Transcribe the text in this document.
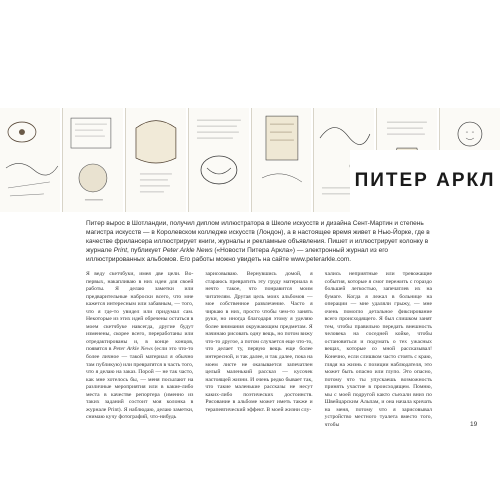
ПИТЕР АРКЛ

Питер вырос в Шотландии, получил диплом иллюстратора в Школе искусств и дизайна Сент-Мартин и степень магистра искусств — в Королевском колледже искусств (Лондон), а в настоящее время живет в Нью-Йорке, где в качестве фрилансера иллюстрирует книги, журналы и рекламные объявления. Пишет и иллюстрирует колонку в журнале Print, публикует Peter Arkle News («Новости Питера Аркла») — электронный журнал из его иллюстрированных альбомов. Его работы можно увидеть на сайте www.peterarkle.com.

Я веду скетчбуки, имея две цели. Во-первых, накапливаю в них идеи для своей работы. Я делаю заметки или предварительные наброски всего, что мне кажется интересным или забавным, — того, что я где-то увидел или придумал сам. Некоторые из этих идей обречены остаться в моем скетчбуке навсегда, другие будут изменены, скорее всего, переработаны или отредактированы и, в конце концов, появятся в Peter Arkle News (если это что-то более личное — такой материал я обычно там публикую) или превратятся в часть того, что я делаю на заказ. Порой — не так часто, как мне хотелось бы, — меня посылают на различные мероприятия или в какие-либо места в качестве репортера (именно из таких заданий состоит моя колонка в журнале Print). Я наблюдаю, делаю заметки, снимаю кучу фотографий, что-нибудь

зарисовываю. Вернувшись домой, я стараюсь превратить эту груду материала в нечто такое, что понравится моим читателям. Другая цель моих альбомов — мое собственное развлечение. Часто я чиркаю в них, просто чтобы чем-то занять руки, но иногда благодаря этому я уделяю более внимания окружающим предметам. Я начинаю рисовать одну вещь, но потом вижу что-то другое, а потом случается еще что-то, что делает ту, первую вещь еще более интересной, и так далее, и так далее, пока на моем листе не оказывается запечатлен целый маленький рассказ — кусочек настоящей жизни. И очень редко бывает так, что такие маленькие рассказы не несут каких-либо поэтических достоинств. Рисование в альбоме может иметь также и терапевтический эффект. В моей жизни слу-

чались неприятные или тревожащие события, которые я смог пережить с гораздо большей легкостью, запечатлев их на бумаге. Когда я лежал в больнице на операции — мне удаляли грыжу, — мне очень помогло детальное фиксирование всего происходящего. Я был слишком занят тем, чтобы правильно передать внешность человека на соседней койке, чтобы остановиться и подумать о тех ужасных вещах, которые со мной рассказывал! Конечно, если слишком часто стоять с краю, глядя на жизнь с позиции наблюдателя, это может быть опасно или глупо. Это опасно, потому что ты упускаешь возможность принять участие в происходящем. Помню, мы с моей подругой както съехали вниз по Швейцарским Альпам, и она начала кричать на меня, потому что я зарисовывал устройство местного туалета вместо того, чтобы	19
